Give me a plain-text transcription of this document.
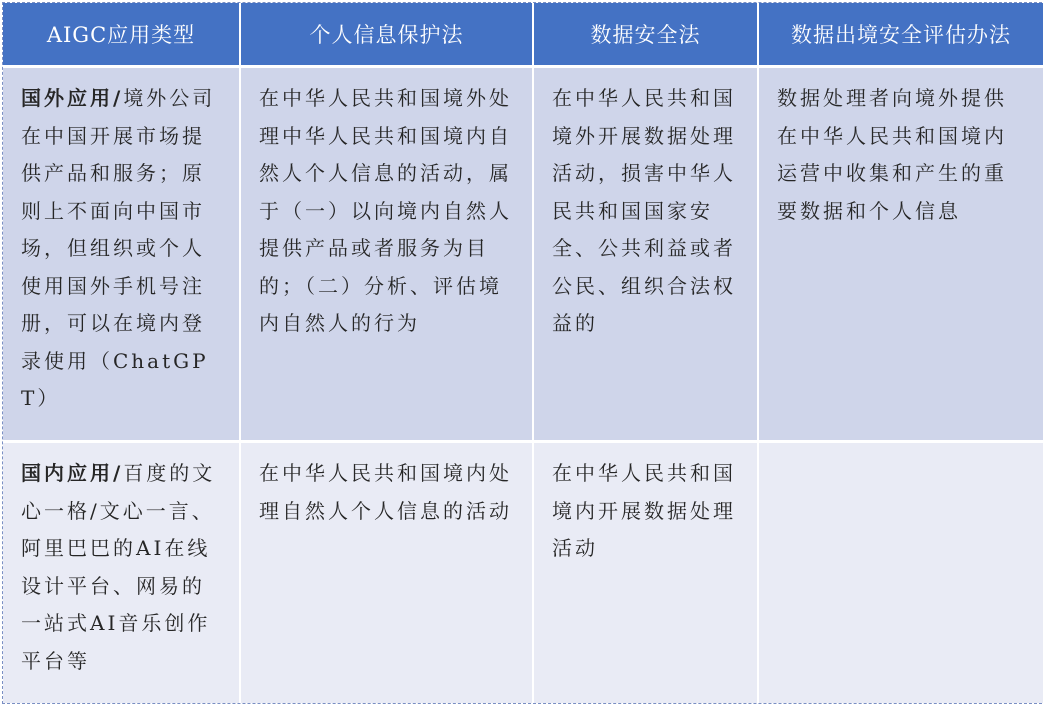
AIGC应用类型	个人信息保护法	数据安全法	数据出境安全评估办法
国外应用/境外公司在中国开展市场提供产品和服务；原则上不面向中国市场，但组织或个人使用国外手机号注册，可以在境内登录使用（ChatGPT）	在中华人民共和国境外处理中华人民共和国境内自然人个人信息的活动，属于（一）以向境内自然人提供产品或者服务为目的；（二）分析、评估境内自然人的行为	在中华人民共和国境外开展数据处理活动，损害中华人民共和国国家安全、公共利益或者公民、组织合法权益的	数据处理者向境外提供在中华人民共和国境内运营中收集和产生的重要数据和个人信息
国内应用/百度的文心一格/文心一言、阿里巴巴的AI在线设计平台、网易的一站式AI音乐创作平台等	在中华人民共和国境内处理自然人个人信息的活动	在中华人民共和国境内开展数据处理活动	
